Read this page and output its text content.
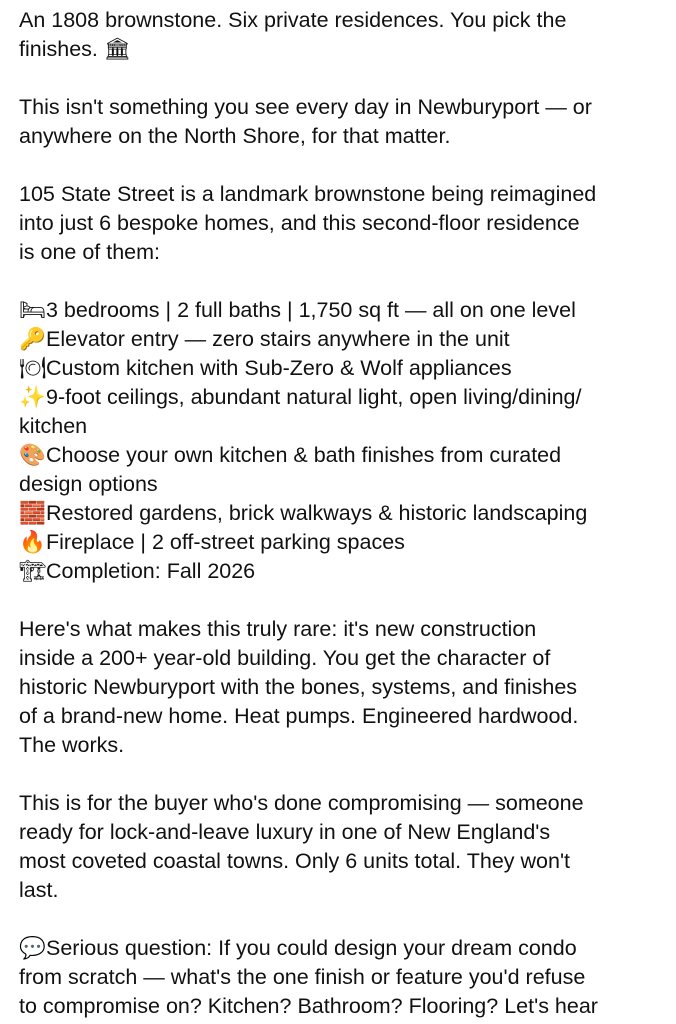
An 1808 brownstone. Six private residences. You pick the
finishes. 🏛
This isn't something you see every day in Newburyport — or
anywhere on the North Shore, for that matter.
105 State Street is a landmark brownstone being reimagined
into just 6 bespoke homes, and this second-floor residence
is one of them:
🛏3 bedrooms | 2 full baths | 1,750 sq ft — all on one level
🔑Elevator entry — zero stairs anywhere in the unit
🍽Custom kitchen with Sub-Zero & Wolf appliances
✨9-foot ceilings, abundant natural light, open living/dining/
kitchen
🎨Choose your own kitchen & bath finishes from curated
design options
🧱Restored gardens, brick walkways & historic landscaping
🔥Fireplace | 2 off-street parking spaces
🏗Completion: Fall 2026
Here's what makes this truly rare: it's new construction
inside a 200+ year-old building. You get the character of
historic Newburyport with the bones, systems, and finishes
of a brand-new home. Heat pumps. Engineered hardwood.
The works.
This is for the buyer who's done compromising — someone
ready for lock-and-leave luxury in one of New England's
most coveted coastal towns. Only 6 units total. They won't
last.
💬Serious question: If you could design your dream condo
from scratch — what's the one finish or feature you'd refuse
to compromise on? Kitchen? Bathroom? Flooring? Let's hear
